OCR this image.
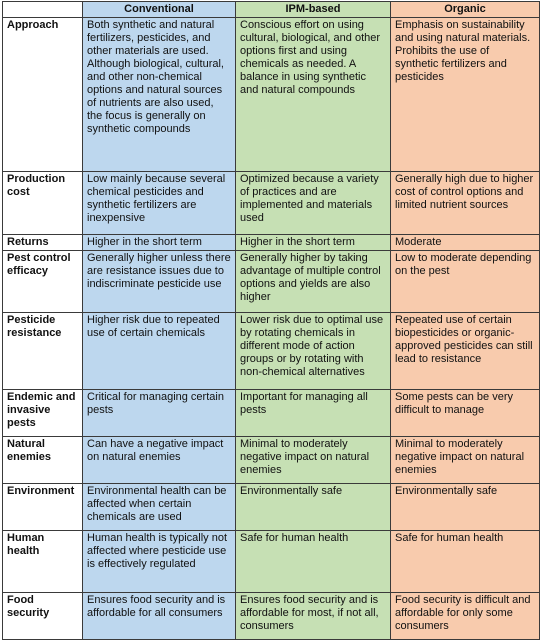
	Conventional	IPM-based	Organic
Approach	Both synthetic and natural fertilizers, pesticides, and other materials are used. Although biological, cultural, and other non-chemical options and natural sources of nutrients are also used, the focus is generally on synthetic compounds	Conscious effort on using cultural, biological, and other options first and using chemicals as needed. A balance in using synthetic and natural compounds	Emphasis on sustainability and using natural materials. Prohibits the use of synthetic fertilizers and pesticides
Production cost	Low mainly because several chemical pesticides and synthetic fertilizers are inexpensive	Optimized because a variety of practices and are implemented and materials used	Generally high due to higher cost of control options and limited nutrient sources
Returns	Higher in the short term	Higher in the short term	Moderate
Pest control efficacy	Generally higher unless there are resistance issues due to indiscriminate pesticide use	Generally higher by taking advantage of multiple control options and yields are also higher	Low to moderate depending on the pest
Pesticide resistance	Higher risk due to repeated use of certain chemicals	Lower risk due to optimal use by rotating chemicals in different mode of action groups or by rotating with non-chemical alternatives	Repeated use of certain biopesticides or organic-approved pesticides can still lead to resistance
Endemic and invasive pests	Critical for managing certain pests	Important for managing all pests	Some pests can be very difficult to manage
Natural enemies	Can have a negative impact on natural enemies	Minimal to moderately negative impact on natural enemies	Minimal to moderately negative impact on natural enemies
Environment	Environmental health can be affected when certain chemicals are used	Environmentally safe	Environmentally safe
Human health	Human health is typically not affected where pesticide use is effectively regulated	Safe for human health	Safe for human health
Food security	Ensures food security and is affordable for all consumers	Ensures food security and is affordable for most, if not all, consumers	Food security is difficult and affordable for only some consumers
